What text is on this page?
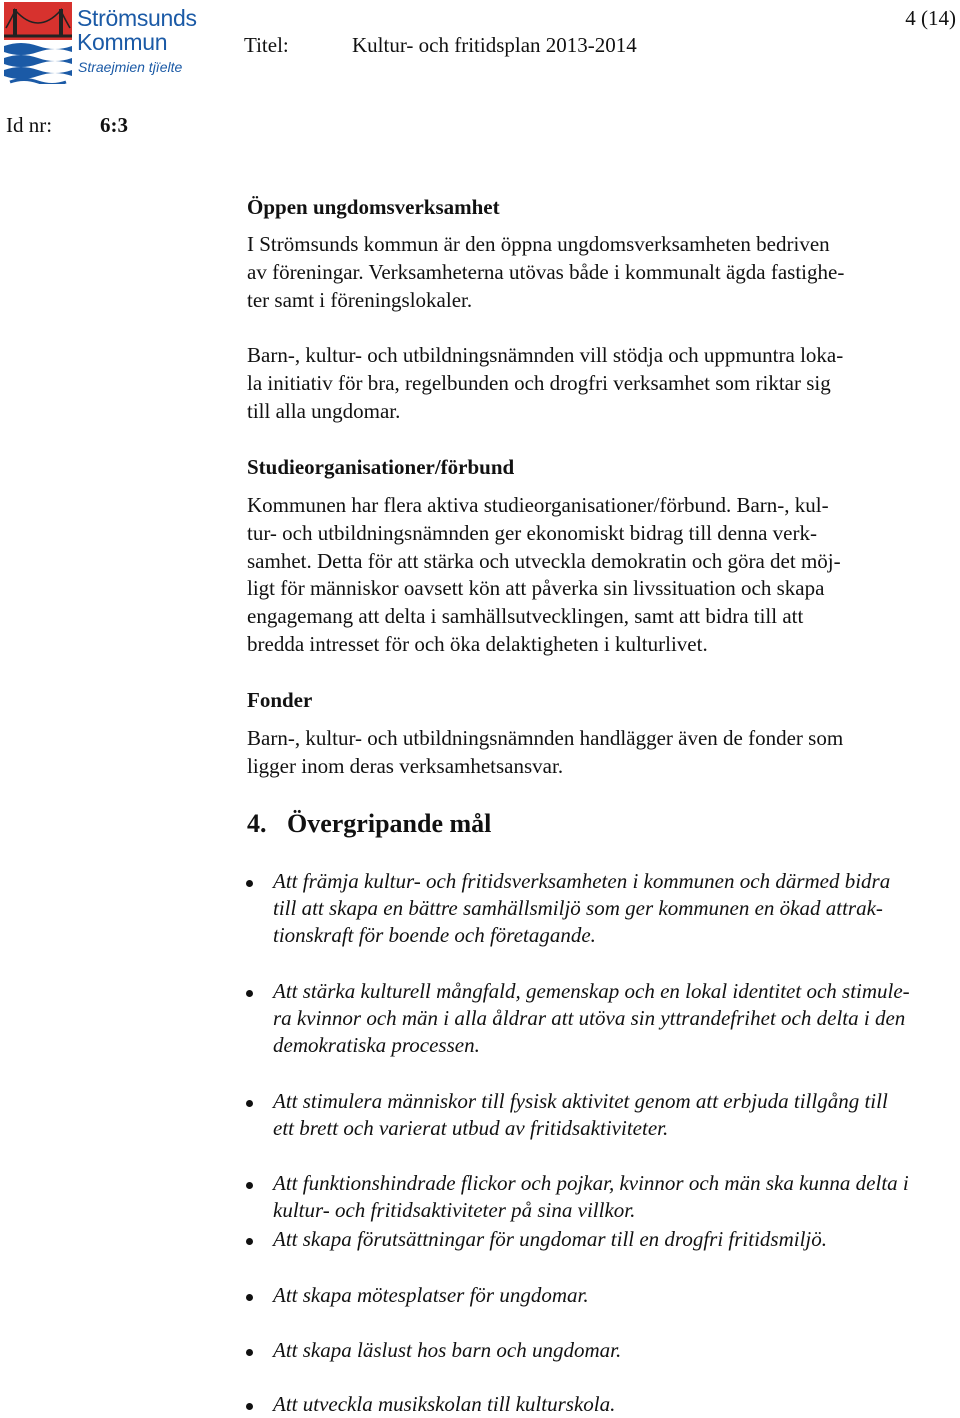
Strömsunds
Kommun
Straejmien tjïelte
Titel:	Kultur- och fritidsplan 2013-2014
4 (14)
Id nr: 6:3
Öppen ungdomsverksamhet
I Strömsunds kommun är den öppna ungdomsverksamheten bedriven
av föreningar. Verksamheterna utövas både i kommunalt ägda fastighe-
ter samt i föreningslokaler.
Barn-, kultur- och utbildningsnämnden vill stödja och uppmuntra loka-
la initiativ för bra, regelbunden och drogfri verksamhet som riktar sig
till alla ungdomar.
Studieorganisationer/förbund
Kommunen har flera aktiva studieorganisationer/förbund. Barn-, kul-
tur- och utbildningsnämnden ger ekonomiskt bidrag till denna verk-
samhet. Detta för att stärka och utveckla demokratin och göra det möj-
ligt för människor oavsett kön att påverka sin livssituation och skapa
engagemang att delta i samhällsutvecklingen, samt att bidra till att
bredda intresset för och öka delaktigheten i kulturlivet.
Fonder
Barn-, kultur- och utbildningsnämnden handlägger även de fonder som
ligger inom deras verksamhetsansvar.
4. Övergripande mål
Att främja kultur- och fritidsverksamheten i kommunen och därmed bidra
till att skapa en bättre samhällsmiljö som ger kommunen en ökad attrak-
tionskraft för boende och företagande.
Att stärka kulturell mångfald, gemenskap och en lokal identitet och stimule-
ra kvinnor och män i alla åldrar att utöva sin yttrandefrihet och delta i den
demokratiska processen.
Att stimulera människor till fysisk aktivitet genom att erbjuda tillgång till
ett brett och varierat utbud av fritidsaktiviteter.
Att funktionshindrade flickor och pojkar, kvinnor och män ska kunna delta i
kultur- och fritidsaktiviteter på sina villkor.
Att skapa förutsättningar för ungdomar till en drogfri fritidsmiljö.
Att skapa mötesplatser för ungdomar.
Att skapa läslust hos barn och ungdomar.
Att utveckla musikskolan till kulturskola.
